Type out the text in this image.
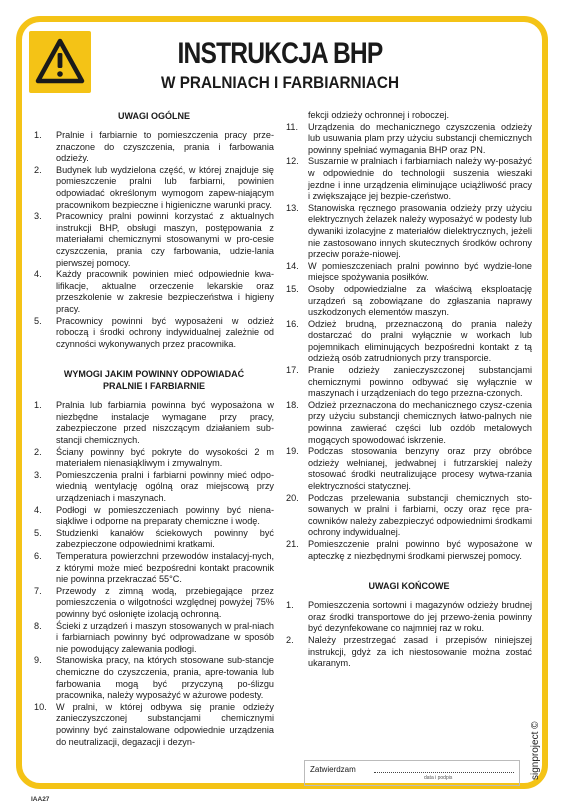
INSTRUKCJA BHP
W PRALNIACH I FARBIARNIACH

UWAGI OGÓLNE

1.	Pralnie i farbiarnie to pomieszczenia pracy prze-znaczone do czyszczenia, prania i farbowania odzieży.
2.	Budynek lub wydzielona część, w której znajduje się pomieszczenie pralni lub farbiarni, powinien odpowiadać określonym wymogom zapew-niającym pracownikom bezpieczne i higieniczne warunki pracy.
3.	Pracownicy pralni powinni korzystać z aktualnych instrukcji BHP, obsługi maszyn, postępowania z materiałami chemicznymi stosowanymi w pro-cesie czyszczenia, prania czy farbowania, udzie-lania pierwszej pomocy.
4.	Każdy pracownik powinien mieć odpowiednie kwa-lifikacje, aktualne orzeczenie lekarskie oraz przeszkolenie w zakresie bezpieczeństwa i higieny pracy.
5.	Pracownicy powinni być wyposażeni w odzież roboczą i środki ochrony indywidualnej zależnie od czynności wykonywanych przez pracownika.

WYMOGI JAKIM POWINNY ODPOWIADAĆ

PRALNIE I FARBIARNIE

1.	Pralnia lub farbiarnia powinna być wyposażona w niezbędne instalacje wymagane przy pracy, zabezpieczone przed niszczącym działaniem sub-stancji chemicznych.
2.	Ściany powinny być pokryte do wysokości 2 m materiałem nienasiąkliwym i zmywalnym.
3.	Pomieszczenia pralni i farbiarni powinny mieć odpo-wiednią wentylację ogólną oraz miejscową przy urządzeniach i maszynach.
4.	Podłogi w pomieszczeniach powinny być niena-siąkliwe i odporne na preparaty chemiczne i wodę.
5.	Studzienki kanałów ściekowych powinny być zabezpieczone odpowiednimi kratkami.
6.	Temperatura powierzchni przewodów instalacyj-nych, z którymi może mieć bezpośredni kontakt pracownik nie powinna przekraczać 55°C.
7.	Przewody z zimną wodą, przebiegające przez pomieszczenia o wilgotności względnej powyżej 75% powinny być osłonięte izolacją ochronną.
8.	Ścieki z urządzeń i maszyn stosowanych w pral-niach i farbiarniach powinny być odprowadzane w sposób nie powodujący zalewania podłogi.
9.	Stanowiska pracy, na których stosowane sub-stancje chemiczne do czyszczenia, prania, apre-towania lub farbowania mogą być przyczyną po-ślizgu pracownika, należy wyposażyć w ażurowe podesty.
10.	W pralni, w której odbywa się pranie odzieży zanieczyszczonej substancjami chemicznymi powinny być zainstalowane odpowiednie urządzenia do neutralizacji, degazacji i dezyn-
fekcji odzieży ochronnej i roboczej.
11.	Urządzenia do mechanicznego czyszczenia odzieży lub usuwania plam przy użyciu substancji chemicznych powinny spełniać wymagania BHP oraz PN.
12.	Suszarnie w pralniach i farbiarniach należy wy-posażyć w odpowiednie do technologii suszenia wieszaki jezdne i inne urządzenia eliminujące uciążliwość pracy i zwiększające jej bezpie-czeństwo.
13.	Stanowiska ręcznego prasowania odzieży przy użyciu elektrycznych żelazek należy wyposażyć w podesty lub dywaniki izolacyjne z materiałów dielektrycznych, jeżeli nie zastosowano innych skutecznych środków ochrony przeciw poraże-niowej.
14.	W pomieszczeniach pralni powinno być wydzie-lone miejsce spożywania posiłków.
15.	Osoby odpowiedzialne za właściwą eksploatację urządzeń są zobowiązane do zgłaszania naprawy uszkodzonych elementów maszyn.
16.	Odzież brudną, przeznaczoną do prania należy dostarczać do pralni wyłącznie w workach lub pojemnikach eliminujących bezpośredni kontakt z tą odzieżą osób zatrudnionych przy transporcie.
17.	Pranie odzieży zanieczyszczonej substancjami chemicznymi powinno odbywać się wyłącznie w maszynach i urządzeniach do tego przezna-czonych.
18.	Odzież przeznaczona do mechanicznego czysz-czenia przy użyciu substancji chemicznych łatwo-palnych nie powinna zawierać części lub ozdób metalowych mogących spowodować iskrzenie.
19.	Podczas stosowania benzyny oraz przy obróbce odzieży wełnianej, jedwabnej i futrzarskiej należy stosować środki neutralizujące procesy wytwa-rzania elektryczności statycznej.
20.	Podczas przelewania substancji chemicznych sto-sowanych w pralni i farbiarni, oczy oraz ręce pra-cowników należy zabezpieczyć odpowiednimi środkami ochrony indywidualnej.
21.	Pomieszczenie pralni powinno być wyposażone w apteczkę z niezbędnymi środkami pierwszej pomocy.

UWAGI KOŃCOWE

1.	Pomieszczenia sortowni i magazynów odzieży brudnej oraz środki transportowe do jej przewo-żenia powinny być dezynfekowane co najmniej raz w roku.
2.	Należy przestrzegać zasad i przepisów niniejszej instrukcji, gdyż za ich niestosowanie można zostać ukaranym.
Zatwierdzam
data i podpis	signproject ©
IAA27
